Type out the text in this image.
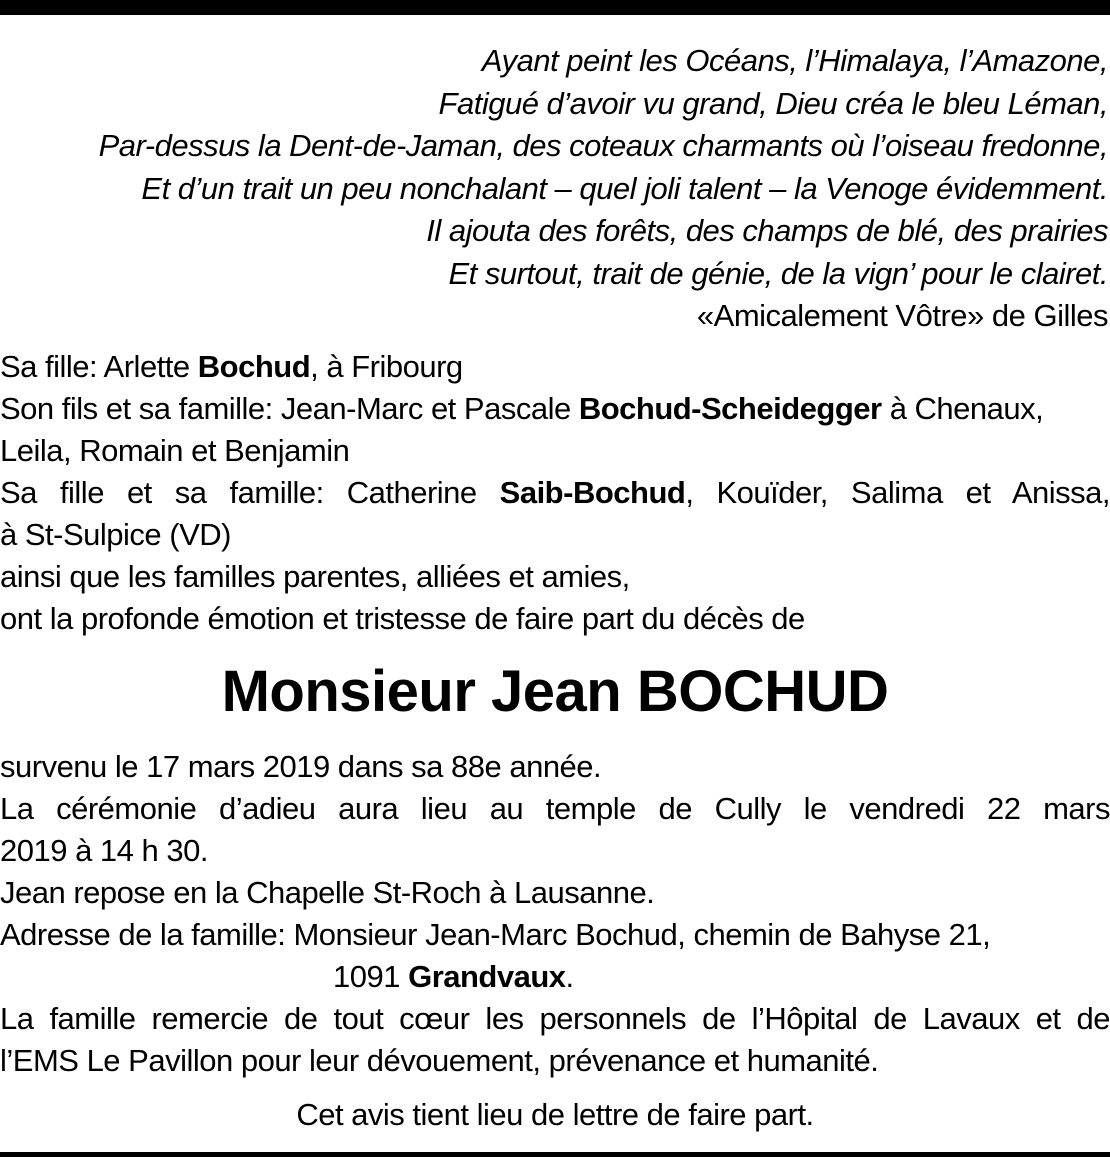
Ayant peint les Océans, l’Himalaya, l’Amazone,
Fatigué d’avoir vu grand, Dieu créa le bleu Léman,
Par-dessus la Dent-de-Jaman, des coteaux charmants où l’oiseau fredonne,
Et d’un trait un peu nonchalant – quel joli talent – la Venoge évidemment.
Il ajouta des forêts, des champs de blé, des prairies
Et surtout, trait de génie, de la vign’ pour le clairet.
«Amicalement Vôtre» de Gilles
Sa fille: Arlette Bochud, à Fribourg
Son fils et sa famille: Jean-Marc et Pascale Bochud-Scheidegger à Chenaux,
Leila, Romain et Benjamin
Sa fille et sa famille: Catherine Saib-Bochud, Kouïder, Salima et Anissa,
à St-Sulpice (VD)
ainsi que les familles parentes, alliées et amies,
ont la profonde émotion et tristesse de faire part du décès de
Monsieur Jean BOCHUD
survenu le 17 mars 2019 dans sa 88e année.
La cérémonie d’adieu aura lieu au temple de Cully le vendredi 22 mars
2019 à 14 h 30.
Jean repose en la Chapelle St-Roch à Lausanne.
Adresse de la famille: Monsieur Jean-Marc Bochud, chemin de Bahyse 21,
1091 Grandvaux.
La famille remercie de tout cœur les personnels de l’Hôpital de Lavaux et de
l’EMS Le Pavillon pour leur dévouement, prévenance et humanité.
Cet avis tient lieu de lettre de faire part.
